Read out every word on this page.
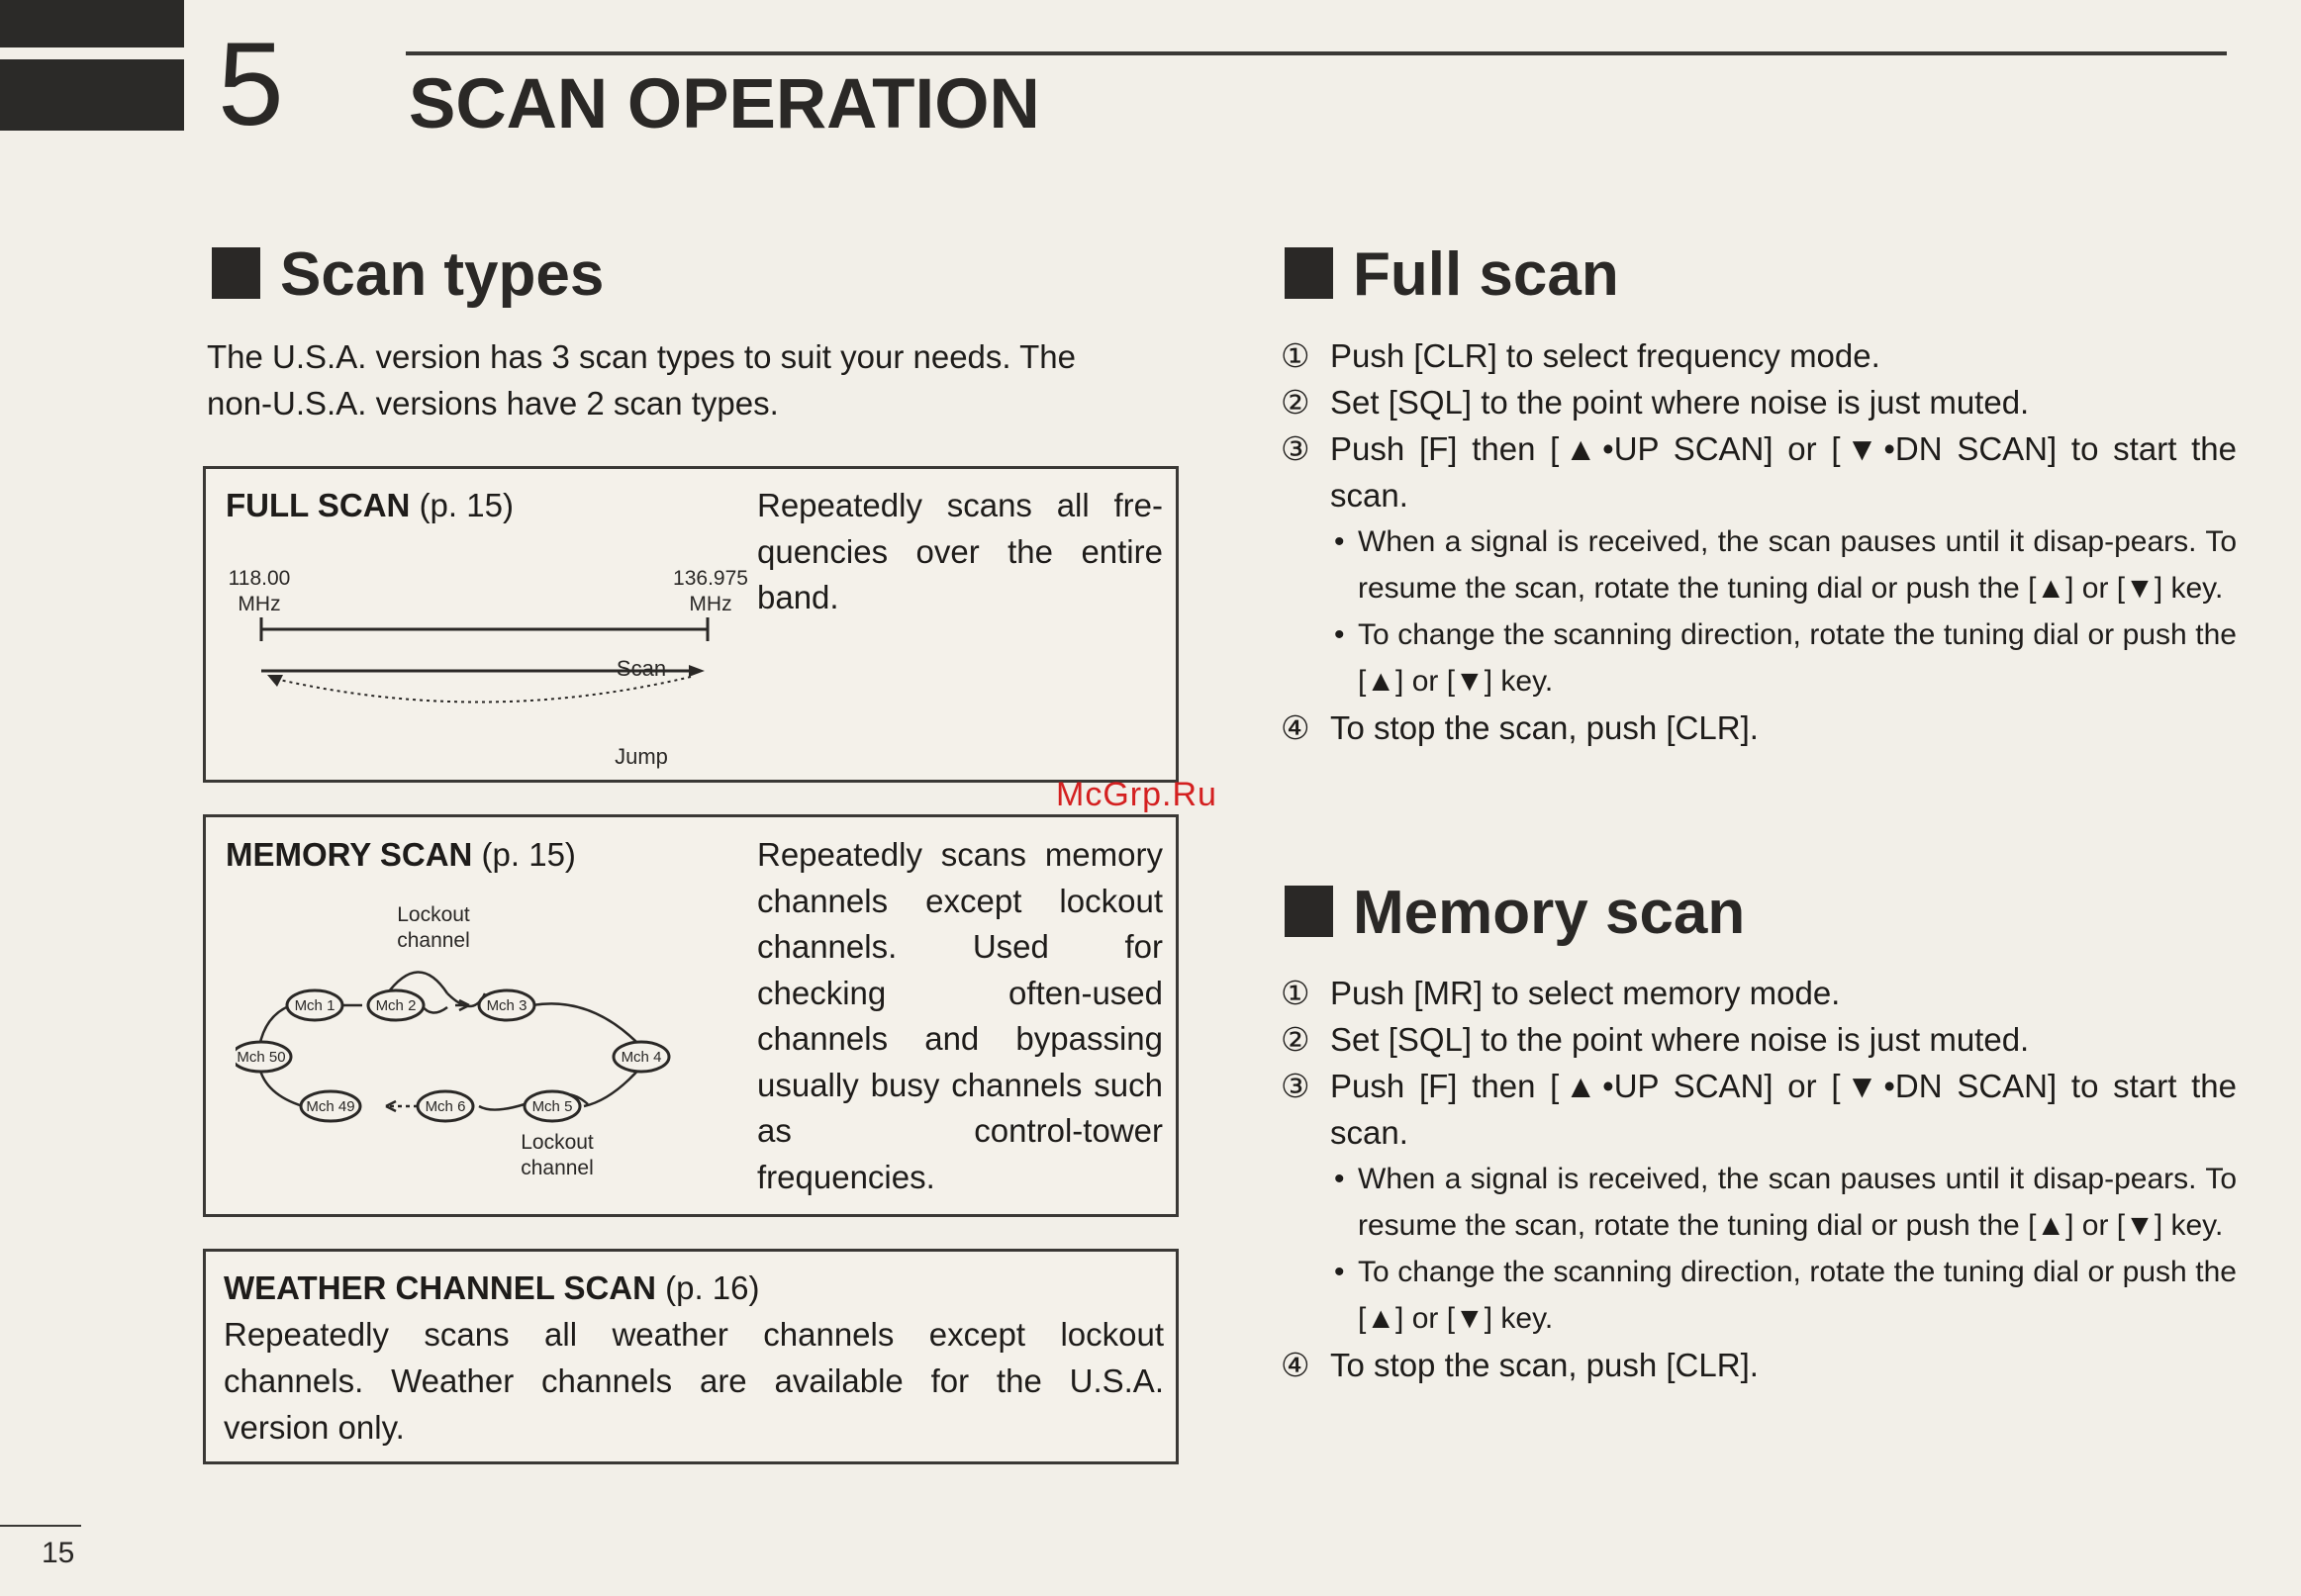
5 SCAN OPERATION
Scan types
The U.S.A. version has 3 scan types to suit your needs. The
non-U.S.A. versions have 2 scan types.
FULL SCAN (p. 15)	Repeatedly scans all fre-quencies over the entire band.
118.00
MHz
136.975
MHz
Scan
Jump
MEMORY SCAN (p. 15)	Repeatedly scans memory channels except lockout channels. Used for checking often-used channels and bypassing usually busy channels such as control-tower frequencies.
Lockout
channel
Lockout
channel
Mch 1	Mch 2	Mch 3
Mch 4
Mch 5
Mch 6
Mch 49
Mch 50
WEATHER CHANNEL SCAN (p. 16)
Repeatedly scans all weather channels except lockout
channels. Weather channels are available for the U.S.A.
version only.
Full scan
① Push [CLR] to select frequency mode.
② Set [SQL] to the point where noise is just muted.
③ Push [F] then [▲•UP SCAN] or [▼•DN SCAN] to start the scan.
• When a signal is received, the scan pauses until it disap-pears. To resume the scan, rotate the tuning dial or push the [▲] or [▼] key.
• To change the scanning direction, rotate the tuning dial or push the [▲] or [▼] key.
④ To stop the scan, push [CLR].
McGrp.Ru
Memory scan
① Push [MR] to select memory mode.
② Set [SQL] to the point where noise is just muted.
③ Push [F] then [▲•UP SCAN] or [▼•DN SCAN] to start the scan.
• When a signal is received, the scan pauses until it disap-pears. To resume the scan, rotate the tuning dial or push the [▲] or [▼] key.
• To change the scanning direction, rotate the tuning dial or push the [▲] or [▼] key.
④ To stop the scan, push [CLR].
15
